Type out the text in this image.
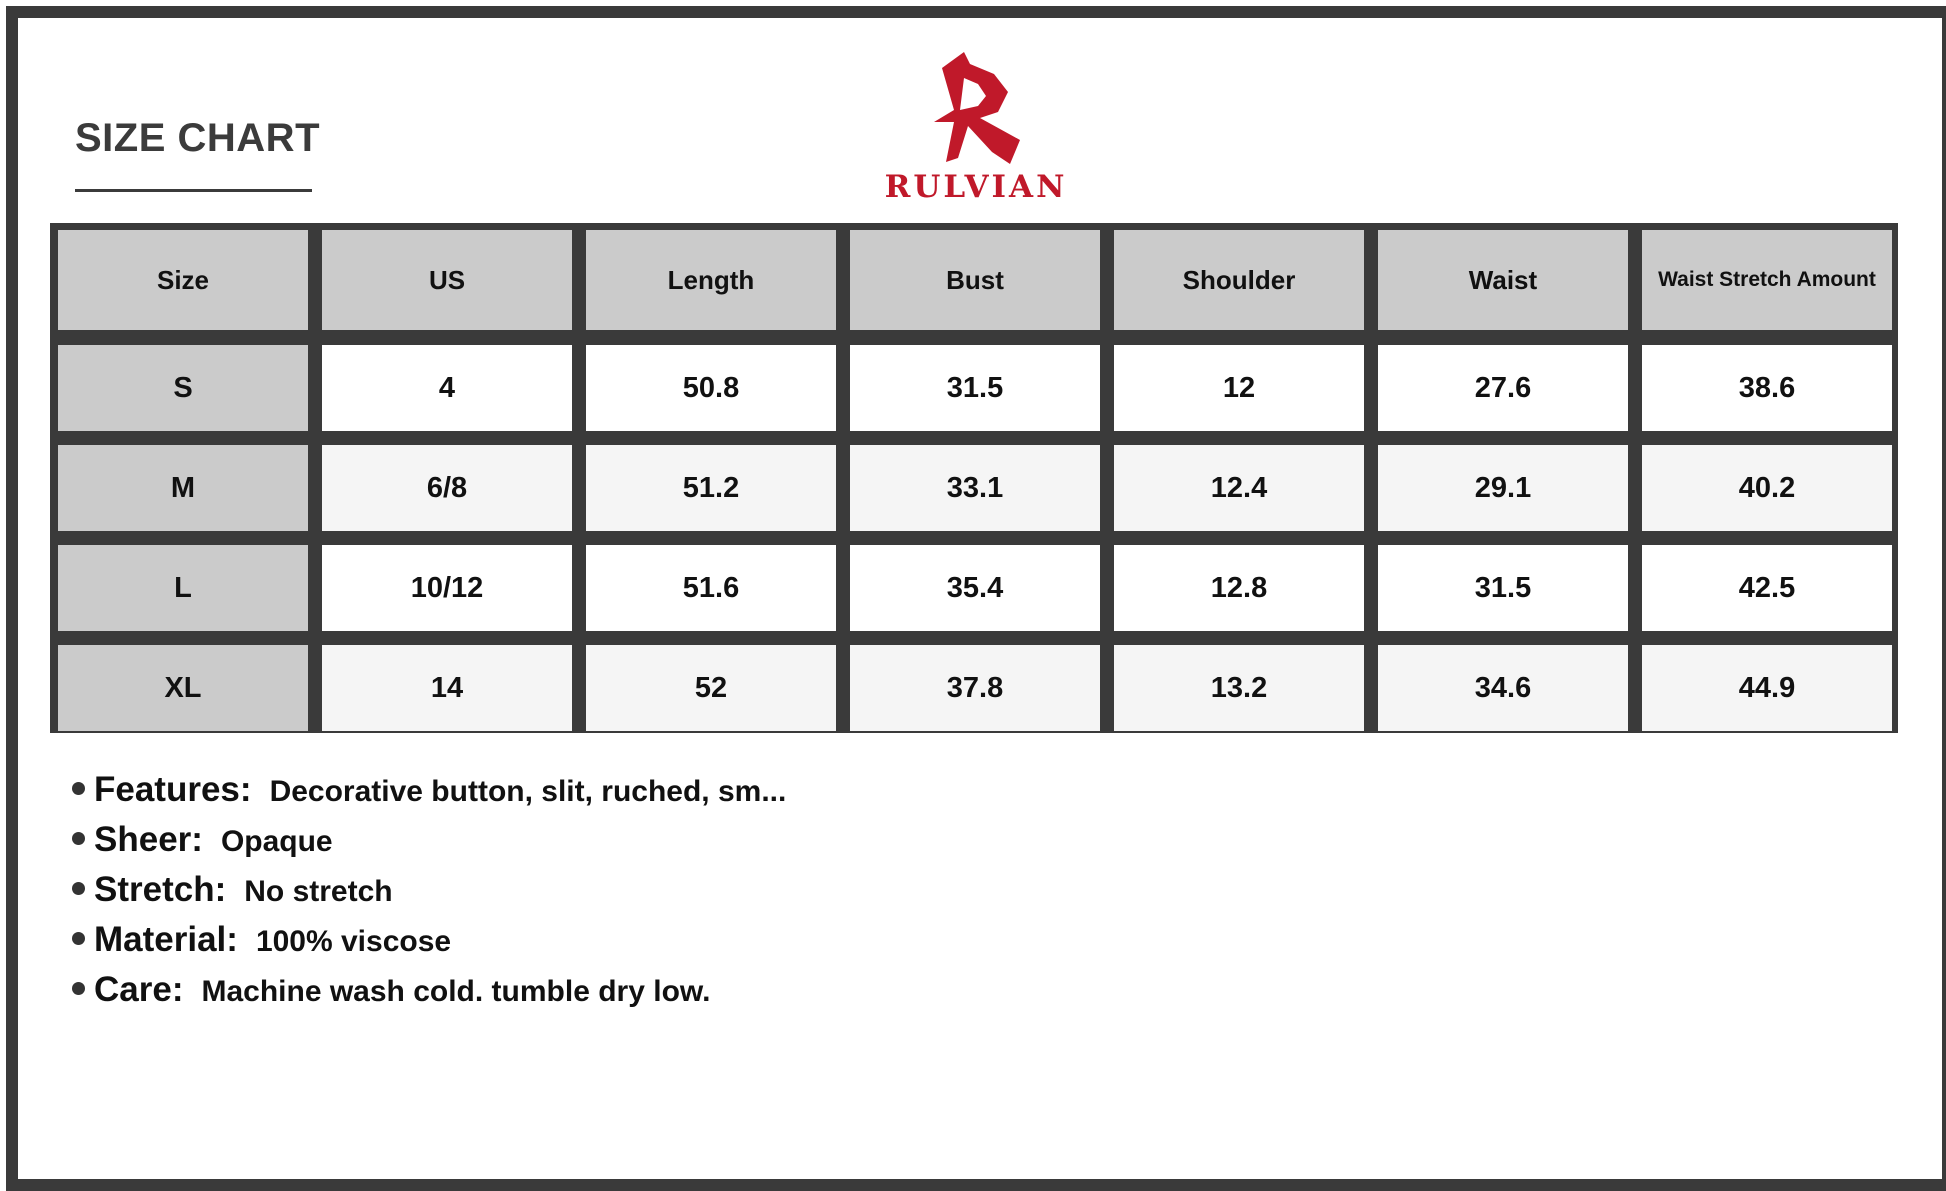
SIZE CHART
RULVIAN
Size	US	Length	Bust	Shoulder	Waist	Waist Stretch Amount
S	4	50.8	31.5	12	27.6	38.6
M	6/8	51.2	33.1	12.4	29.1	40.2
L	10/12	51.6	35.4	12.8	31.5	42.5
XL	14	52	37.8	13.2	34.6	44.9
Features: Decorative button, slit, ruched, sm...
Sheer: Opaque
Stretch: No stretch
Material: 100% viscose
Care: Machine wash cold. tumble dry low.
